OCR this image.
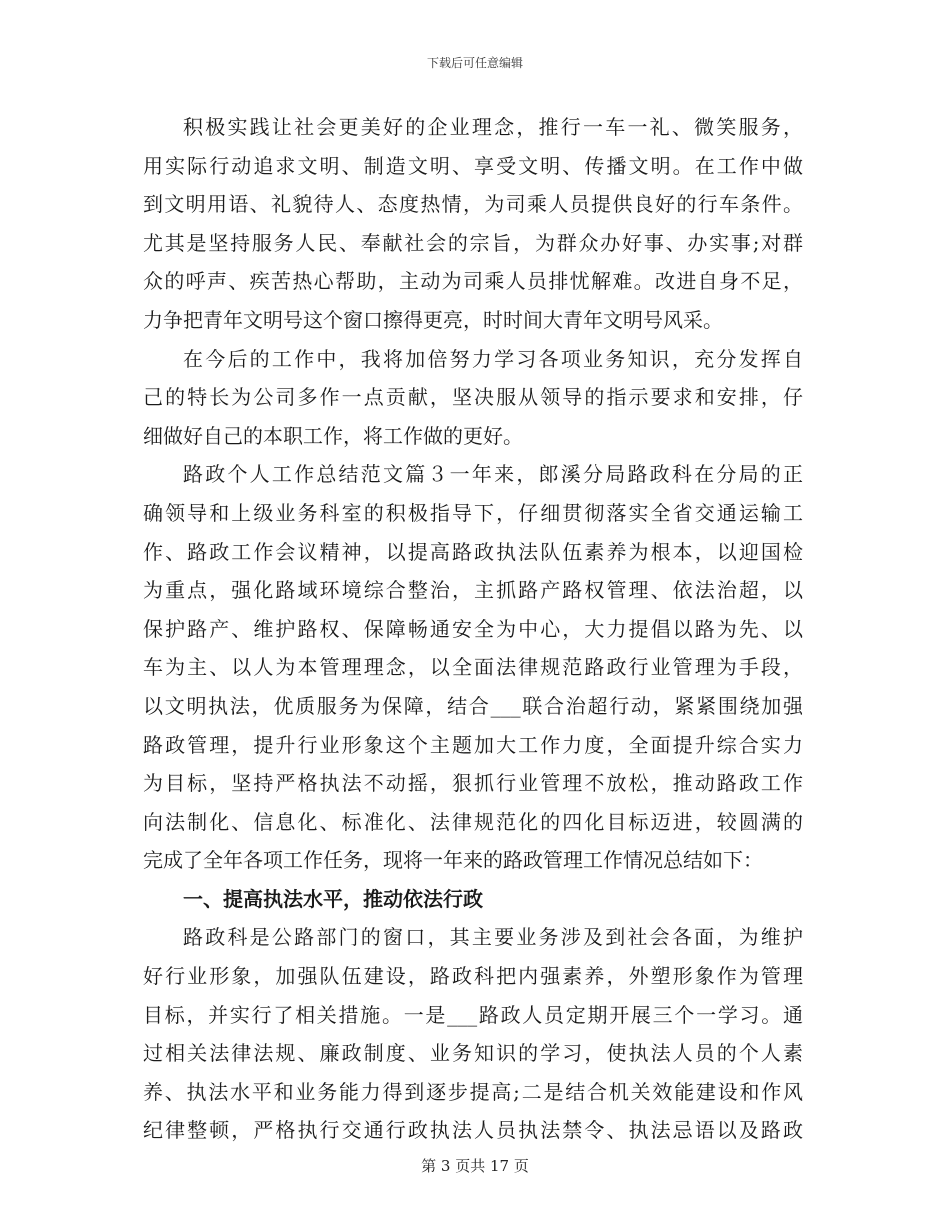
下载后可任意编辑
积极实践让社会更美好的企业理念，推行一车一礼、微笑服务，
用实际行动追求文明、制造文明、享受文明、传播文明。在工作中做
到文明用语、礼貌待人、态度热情，为司乘人员提供良好的行车条件。
尤其是坚持服务人民、奉献社会的宗旨，为群众办好事、办实事;对群
众的呼声、疾苦热心帮助，主动为司乘人员排忧解难。改进自身不足，
力争把青年文明号这个窗口擦得更亮，时时间大青年文明号风采。
在今后的工作中，我将加倍努力学习各项业务知识，充分发挥自
己的特长为公司多作一点贡献，坚决服从领导的指示要求和安排，仔
细做好自己的本职工作，将工作做的更好。
路政个人工作总结范文篇３一年来，郎溪分局路政科在分局的正
确领导和上级业务科室的积极指导下，仔细贯彻落实全省交通运输工
作、路政工作会议精神，以提高路政执法队伍素养为根本，以迎国检
为重点，强化路域环境综合整治，主抓路产路权管理、依法治超，以
保护路产、维护路权、保障畅通安全为中心，大力提倡以路为先、以
车为主、以人为本管理理念，以全面法律规范路政行业管理为手段，
以文明执法，优质服务为保障，结合___联合治超行动，紧紧围绕加强
路政管理，提升行业形象这个主题加大工作力度，全面提升综合实力
为目标，坚持严格执法不动摇，狠抓行业管理不放松，推动路政工作
向法制化、信息化、标准化、法律规范化的四化目标迈进，较圆满的
完成了全年各项工作任务，现将一年来的路政管理工作情况总结如下：
一、提高执法水平，推动依法行政
路政科是公路部门的窗口，其主要业务涉及到社会各面，为维护
好行业形象，加强队伍建设，路政科把内强素养，外塑形象作为管理
目标，并实行了相关措施。一是___路政人员定期开展三个一学习。通
过相关法律法规、廉政制度、业务知识的学习，使执法人员的个人素
养、执法水平和业务能力得到逐步提高;二是结合机关效能建设和作风
纪律整顿，严格执行交通行政执法人员执法禁令、执法忌语以及路政
第 3 页共 17 页
